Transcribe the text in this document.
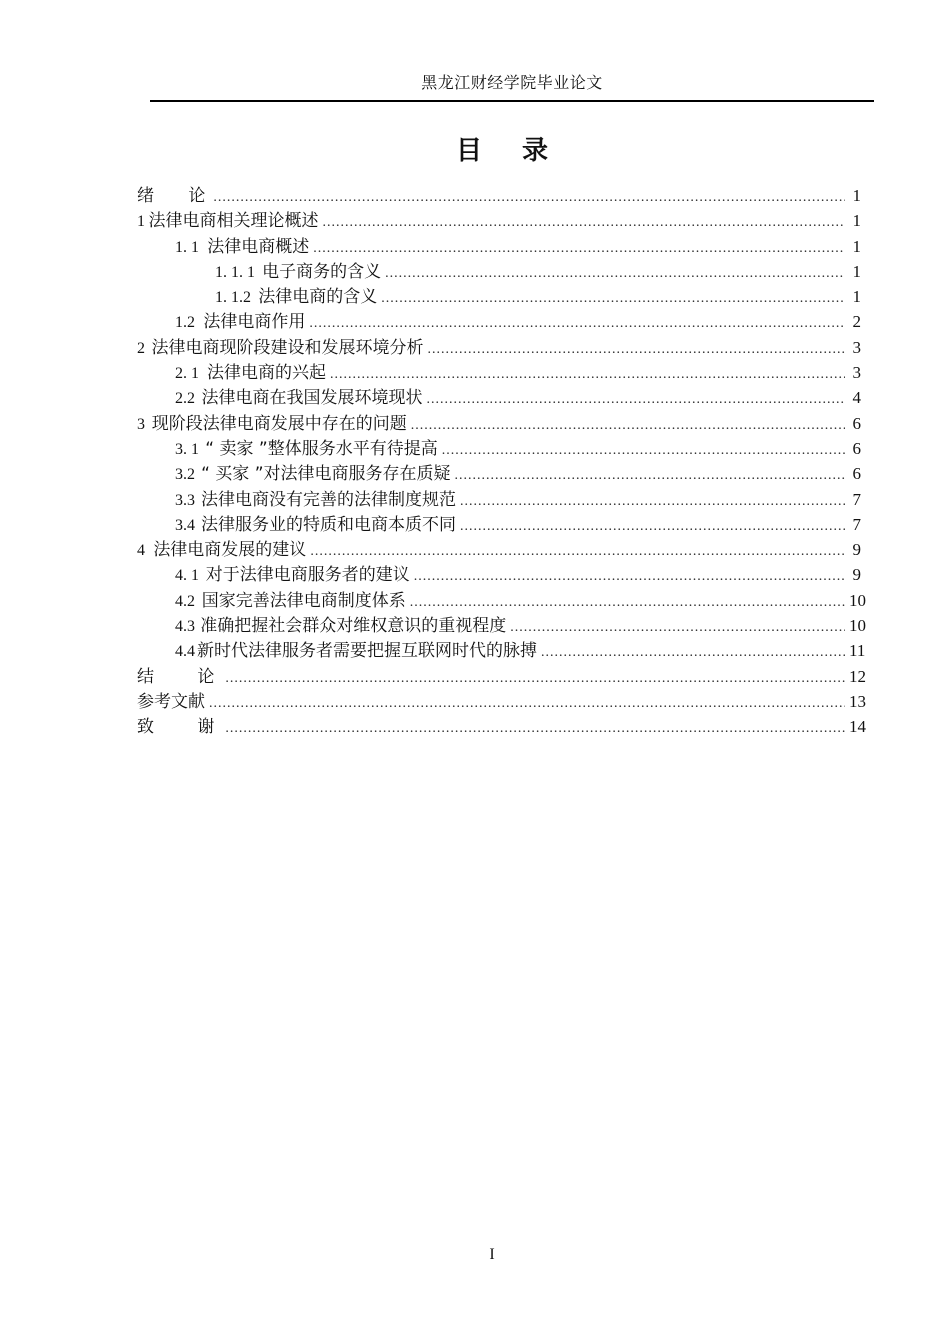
黑龙江财经学院毕业论文
目 录
绪　 论 .....	1
1 法律电商相关理论概述 .....	1
1. 1 法律电商概述 .....	1
1. 1. 1 电子商务的含义 .....	1
1. 1.2 法律电商的含义 .....	1
1.2 法律电商作用 .....	2
2 法律电商现阶段建设和发展环境分析 .....	3
2. 1 法律电商的兴起 .....	3
2.2 法律电商在我国发展环境现状 .....	4
3 现阶段法律电商发展中存在的问题 .....	6
3. 1 “ 卖家 ”整体服务水平有待提高 .....	6
3.2 “ 买家 ”对法律电商服务存在质疑 .....	6
3.3 法律电商没有完善的法律制度规范 .....	7
3.4 法律服务业的特质和电商本质不同 .....	7
4 法律电商发展的建议 .....	9
4. 1 对于法律电商服务者的建议 .....	9
4.2 国家完善法律电商制度体系 .....	10
4.3 准确把握社会群众对维权意识的重视程度 .....	10
4.4 新时代法律服务者需要把握互联网时代的脉搏 .....	11
结　 论 .....	12
参考文献 .....	13
致　 谢 .....	14
I
